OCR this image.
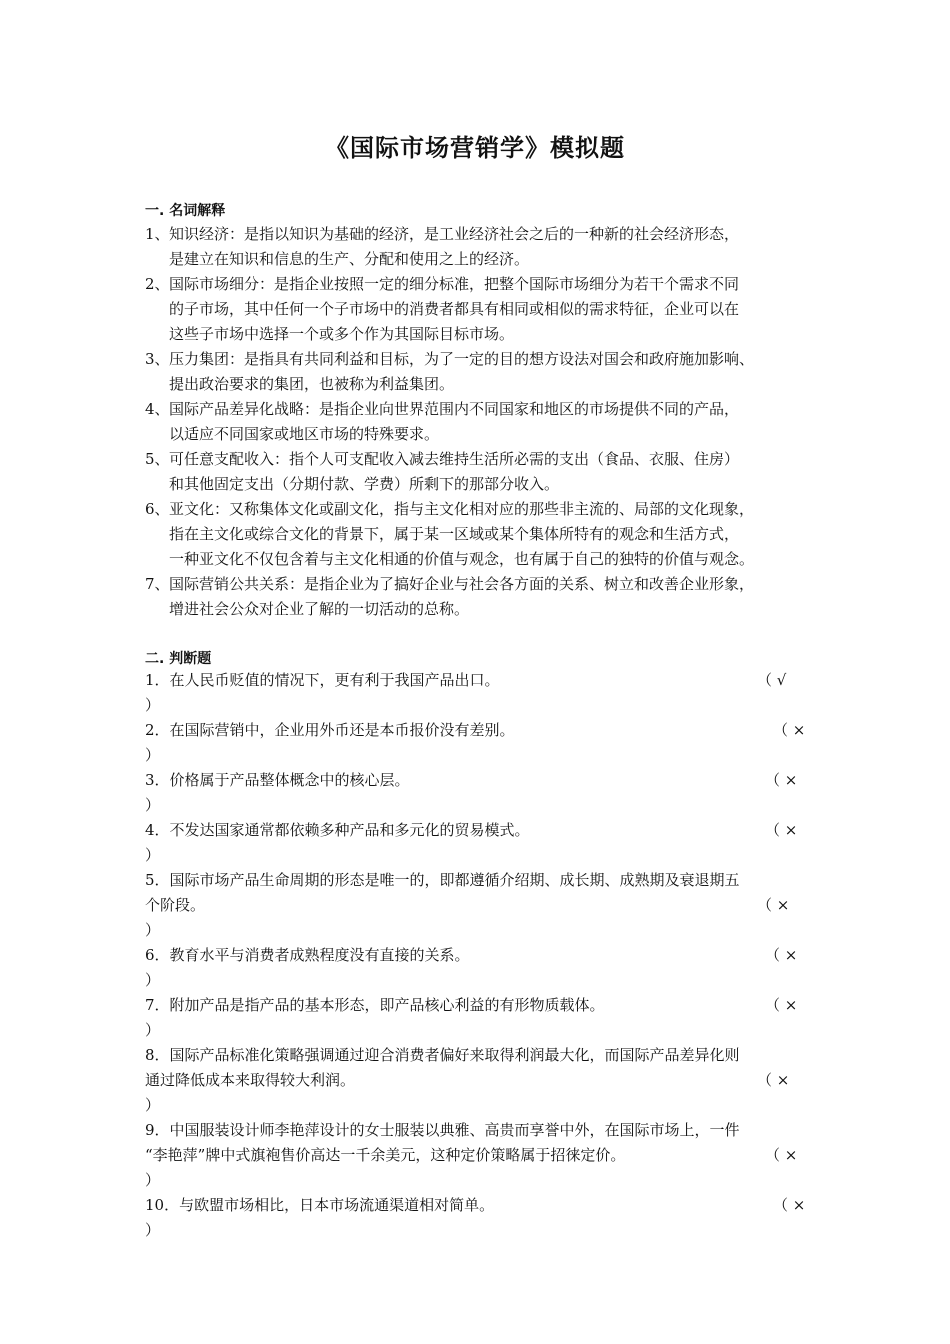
《国际市场营销学》模拟题
一. 名词解释
1、 知识经济：是指以知识为基础的经济，是工业经济社会之后的一种新的社会经济形态，
是建立在知识和信息的生产、分配和使用之上的经济。
2、 国际市场细分：是指企业按照一定的细分标准，把整个国际市场细分为若干个需求不同
的子市场，其中任何一个子市场中的消费者都具有相同或相似的需求特征，企业可以在
这些子市场中选择一个或多个作为其国际目标市场。
3、 压力集团：是指具有共同利益和目标，为了一定的目的想方设法对国会和政府施加影响、
提出政治要求的集团，也被称为利益集团。
4、 国际产品差异化战略：是指企业向世界范围内不同国家和地区的市场提供不同的产品，
以适应不同国家或地区市场的特殊要求。
5、 可任意支配收入：指个人可支配收入减去维持生活所必需的支出（食品、衣服、住房）
和其他固定支出（分期付款、学费）所剩下的那部分收入。
6、 亚文化：又称集体文化或副文化，指与主文化相对应的那些非主流的、局部的文化现象，
指在主文化或综合文化的背景下，属于某一区域或某个集体所特有的观念和生活方式，
一种亚文化不仅包含着与主文化相通的价值与观念，也有属于自己的独特的价值与观念。
7、 国际营销公共关系：是指企业为了搞好企业与社会各方面的关系、树立和改善企业形象，
增进社会公众对企业了解的一切活动的总称。
二. 判断题
1．在人民币贬值的情况下，更有利于我国产品出口。	（ √
）
2．在国际营销中，企业用外币还是本币报价没有差别。	（ ×
）
3．价格属于产品整体概念中的核心层。	（ ×
）
4．不发达国家通常都依赖多种产品和多元化的贸易模式。	（ ×
）
5．国际市场产品生命周期的形态是唯一的，即都遵循介绍期、成长期、成熟期及衰退期五
个阶段。	（ ×
）
6．教育水平与消费者成熟程度没有直接的关系。	（ ×
）
7．附加产品是指产品的基本形态，即产品核心利益的有形物质载体。	（ ×
）
8．国际产品标准化策略强调通过迎合消费者偏好来取得利润最大化，而国际产品差异化则
通过降低成本来取得较大利润。	（ ×
）
9．中国服装设计师李艳萍设计的女士服装以典雅、高贵而享誉中外，在国际市场上，一件
“李艳萍”牌中式旗袍售价高达一千余美元，这种定价策略属于招徕定价。	（ ×
）
10．与欧盟市场相比，日本市场流通渠道相对简单。	（ ×
）
